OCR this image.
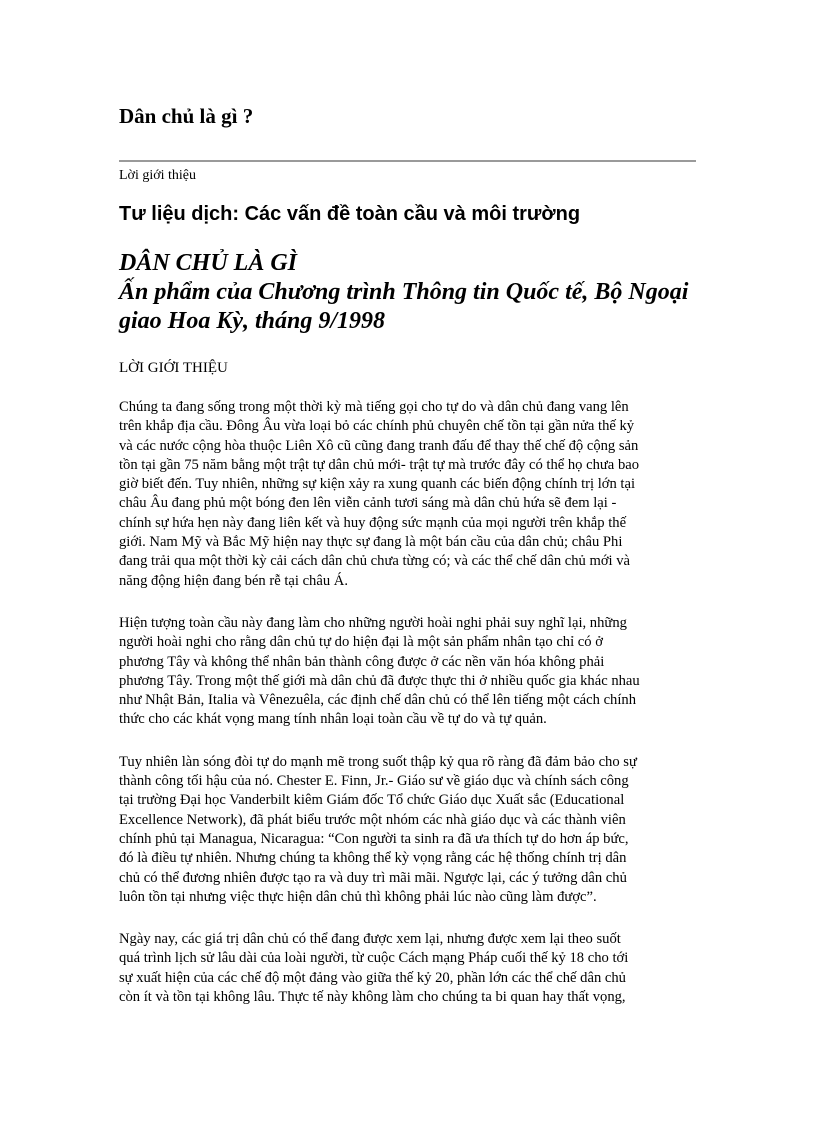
Dân chủ là gì ?
Lời giới thiệu
Tư liệu dịch: Các vấn đề toàn cầu và môi trường
DÂN CHỦ LÀ GÌ
Ấn phẩm của Chương trình Thông tin Quốc tế, Bộ Ngoại
giao Hoa Kỳ, tháng 9/1998
LỜI GIỚI THIỆU

Chúng ta đang sống trong một thời kỳ mà tiếng gọi cho tự do và dân chủ đang vang lên
trên khắp địa cầu. Đông Âu vừa loại bỏ các chính phủ chuyên chế tồn tại gần nửa thế kỷ
và các nước cộng hòa thuộc Liên Xô cũ cũng đang tranh đấu để thay thế chế độ cộng sản
tồn tại gần 75 năm bằng một trật tự dân chủ mới- trật tự mà trước đây có thể họ chưa bao
giờ biết đến. Tuy nhiên, những sự kiện xảy ra xung quanh các biến động chính trị lớn tại
châu Âu đang phủ một bóng đen lên viễn cảnh tươi sáng mà dân chủ hứa sẽ đem lại -
chính sự hứa hẹn này đang liên kết và huy động sức mạnh của mọi người trên khắp thế
giới. Nam Mỹ và Bắc Mỹ hiện nay thực sự đang là một bán cầu của dân chủ; châu Phi
đang trải qua một thời kỳ cải cách dân chủ chưa từng có; và các thể chế dân chủ mới và
năng động hiện đang bén rễ tại châu Á.

Hiện tượng toàn cầu này đang làm cho những người hoài nghi phải suy nghĩ lại, những
người hoài nghi cho rằng dân chủ tự do hiện đại là một sản phẩm nhân tạo chỉ có ở
phương Tây và không thể nhân bản thành công được ở các nền văn hóa không phải
phương Tây. Trong một thế giới mà dân chủ đã được thực thi ở nhiều quốc gia khác nhau
như Nhật Bản, Italia và Vênezuêla, các định chế dân chủ có thể lên tiếng một cách chính
thức cho các khát vọng mang tính nhân loại toàn cầu về tự do và tự quản.

Tuy nhiên làn sóng đòi tự do mạnh mẽ trong suốt thập kỷ qua rõ ràng đã đảm bảo cho sự
thành công tối hậu của nó. Chester E. Finn, Jr.- Giáo sư về giáo dục và chính sách công
tại trường Đại học Vanderbilt kiêm Giám đốc Tổ chức Giáo dục Xuất sắc (Educational
Excellence Network), đã phát biểu trước một nhóm các nhà giáo dục và các thành viên
chính phủ tại Managua, Nicaragua: “Con người ta sinh ra đã ưa thích tự do hơn áp bức,
đó là điều tự nhiên. Nhưng chúng ta không thể kỳ vọng rằng các hệ thống chính trị dân
chủ có thể đương nhiên được tạo ra và duy trì mãi mãi. Ngược lại, các ý tưởng dân chủ
luôn tồn tại nhưng việc thực hiện dân chủ thì không phải lúc nào cũng làm được”.

Ngày nay, các giá trị dân chủ có thể đang được xem lại, nhưng được xem lại theo suốt
quá trình lịch sử lâu dài của loài người, từ cuộc Cách mạng Pháp cuối thế kỷ 18 cho tới
sự xuất hiện của các chế độ một đảng vào giữa thế kỷ 20, phần lớn các thể chế dân chủ
còn ít và tồn tại không lâu. Thực tế này không làm cho chúng ta bi quan hay thất vọng,
